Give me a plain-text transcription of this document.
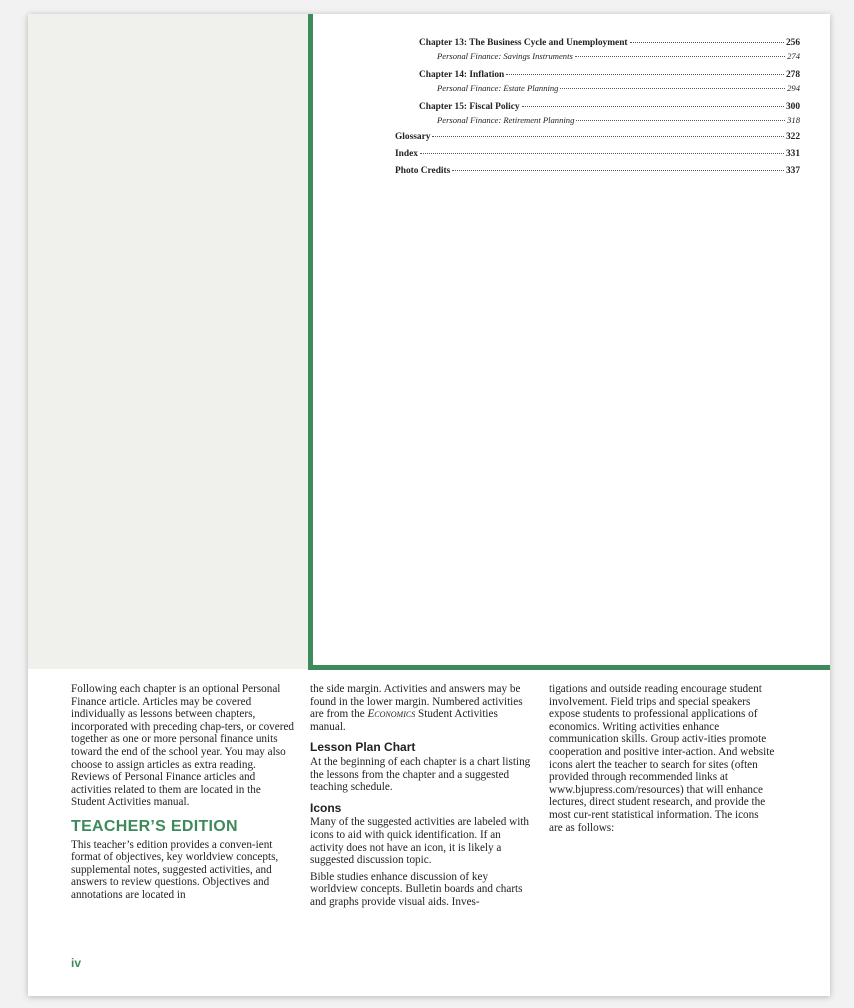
Chapter 13: The Business Cycle and Unemployment	256
Personal Finance: Savings Instruments	274
Chapter 14: Inflation	278
Personal Finance: Estate Planning	294
Chapter 15: Fiscal Policy	300
Personal Finance: Retirement Planning	318
Glossary	322
Index	331
Photo Credits	337

Following each chapter is an optional Personal Finance article. Articles may be covered individually as lessons between chapters, incorporated with preceding chap-ters, or covered together as one or more personal finance units toward the end of the school year. You may also choose to assign articles as extra reading. Reviews of Personal Finance articles and activities related to them are located in the Student Activities manual.

TEACHER’S EDITION

This teacher’s edition provides a conven-ient format of objectives, key worldview concepts, supplemental notes, suggested activities, and answers to review questions. Objectives and annotations are located in

the side margin. Activities and answers may be found in the lower margin. Numbered activities are from the Economics Student Activities manual.

Lesson Plan Chart

At the beginning of each chapter is a chart listing the lessons from the chapter and a suggested teaching schedule.

Icons

Many of the suggested activities are labeled with icons to aid with quick identification. If an activity does not have an icon, it is likely a suggested discussion topic.

Bible studies enhance discussion of key worldview concepts. Bulletin boards and charts and graphs provide visual aids. Inves-

tigations and outside reading encourage student involvement. Field trips and special speakers expose students to professional applications of economics. Writing activities enhance communication skills. Group activ-ities promote cooperation and positive inter-action. And website icons alert the teacher to search for sites (often provided through recommended links at www.bjupress.com/resources) that will enhance lectures, direct student research, and provide the most cur-rent statistical information. The icons are as follows:

iv
